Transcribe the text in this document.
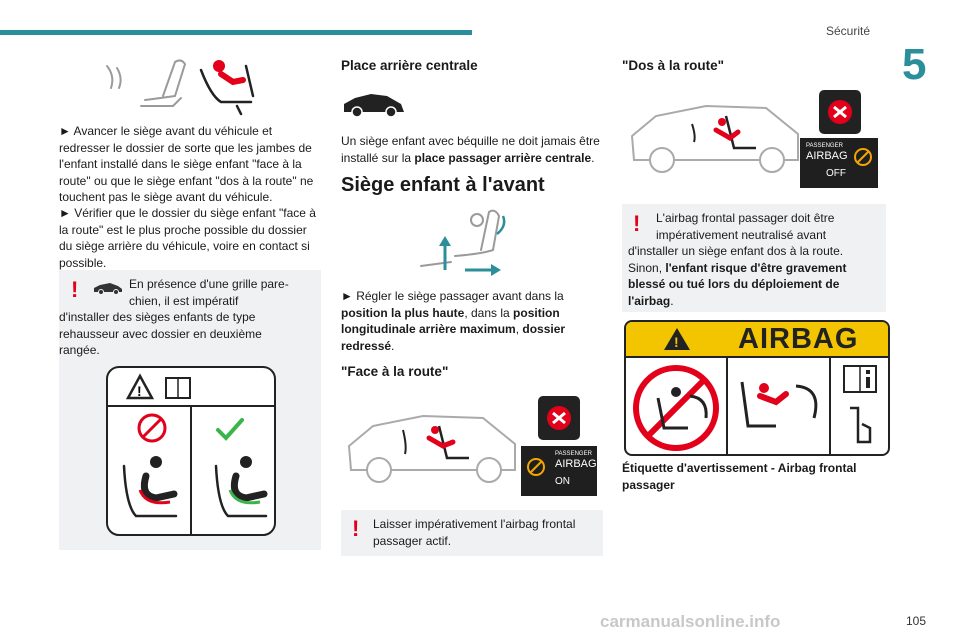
Sécurité
5
105

► Avancer le siège avant du véhicule et redresser le dossier de sorte que les jambes de l'enfant installé dans le siège enfant "face à la route" ou que le siège enfant "dos à la route" ne touchent pas le siège avant du véhicule.

► Vérifier que le dossier du siège enfant "face à la route" est le plus proche possible du dossier du siège arrière du véhicule, voire en contact si possible.

!	En présence d'une grille pare-chien, il est impératif
d'installer des sièges enfants de type rehausseur avec dossier en deuxième rangée.
!
Place arrière centrale

Un siège enfant avec béquille ne doit jamais être installé sur la place passager arrière centrale.

Siège enfant à l'avant

► Régler le siège passager avant dans la position la plus haute, dans la position longitudinale arrière maximum, dossier redressé.

"Face à la route"
PASSENGER
AIRBAG
ON
! Laisser impérativement l'airbag frontal passager actif.
"Dos à la route"
PASSENGER
AIRBAG
OFF
! L'airbag frontal passager doit être impérativement neutralisé avant
d'installer un siège enfant dos à la route. Sinon, l'enfant risque d'être gravement blessé ou tué lors du déploiement de l'airbag.
! AIRBAG

Étiquette d'avertissement - Airbag frontal passager

carmanualsonline.info
